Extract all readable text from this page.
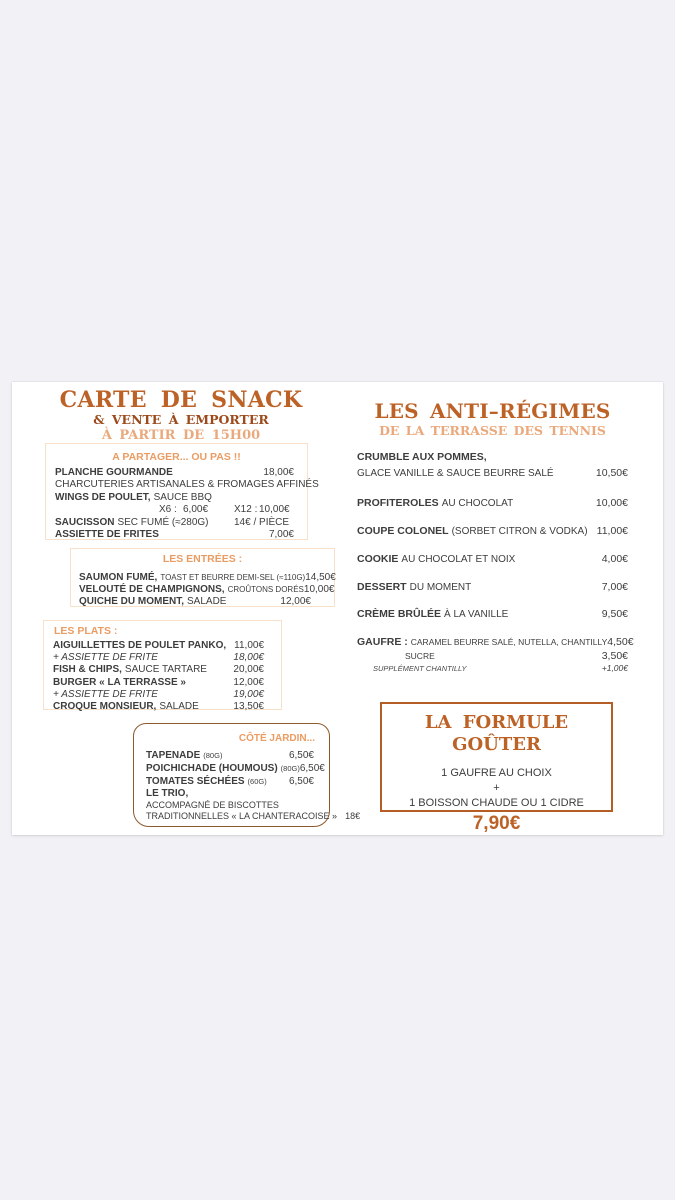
CARTE DE SNACK
& VENTE À EMPORTER
À PARTIR DE 15H00
A PARTAGER... OU PAS !!
PLANCHE GOURMANDE	18,00€
CHARCUTERIES ARTISANALES & FROMAGES AFFINÉS
WINGS DE POULET, SAUCE BBQ
X6 : 6,00€	X12 : 10,00€
SAUCISSON SEC FUMÉ (≈280G)	14€ / PIÈCE
ASSIETTE DE FRITES	7,00€
LES ENTRÉES :
SAUMON FUMÉ, TOAST ET BEURRE DEMI-SEL (≈110G) 14,50€
VELOUTÉ DE CHAMPIGNONS, CROÛTONS DORÉS 10,00€
QUICHE DU MOMENT, SALADE	12,00€
LES PLATS :
AIGUILLETTES DE POULET PANKO, 11,00€
+ ASSIETTE DE FRITE	18,00€
FISH & CHIPS, SAUCE TARTARE	20,00€
BURGER « LA TERRASSE »	12,00€
+ ASSIETTE DE FRITE	19,00€
CROQUE MONSIEUR, SALADE	13,50€
CÔTÉ JARDIN...
TAPENADE (80G)	6,50€
POICHICHADE (HOUMOUS) (80G) 6,50€
TOMATES SÉCHÉES (60G) 6,50€
LE TRIO,
ACCOMPAGNÉ DE BISCOTTES
TRADITIONNELLES « LA CHANTERACOISE » 18€
LES ANTI–RÉGIMES
DE LA TERRASSE DES TENNIS
CRUMBLE AUX POMMES,
GLACE VANILLE & SAUCE BEURRE SALÉ	10,50€
PROFITEROLES AU CHOCOLAT	10,00€
COUPE COLONEL (SORBET CITRON & VODKA) 11,00€
COOKIE AU CHOCOLAT ET NOIX	4,00€
DESSERT DU MOMENT	7,00€
CRÈME BRÛLÉE À LA VANILLE	9,50€
GAUFRE : CARAMEL BEURRE SALÉ, NUTELLA, CHANTILLY 4,50€
SUCRE	3,50€
SUPPLÉMENT CHANTILLY	+1,00€
LA FORMULE GOÛTER
1 GAUFRE AU CHOIX
+
1 BOISSON CHAUDE OU 1 CIDRE
7,90€
